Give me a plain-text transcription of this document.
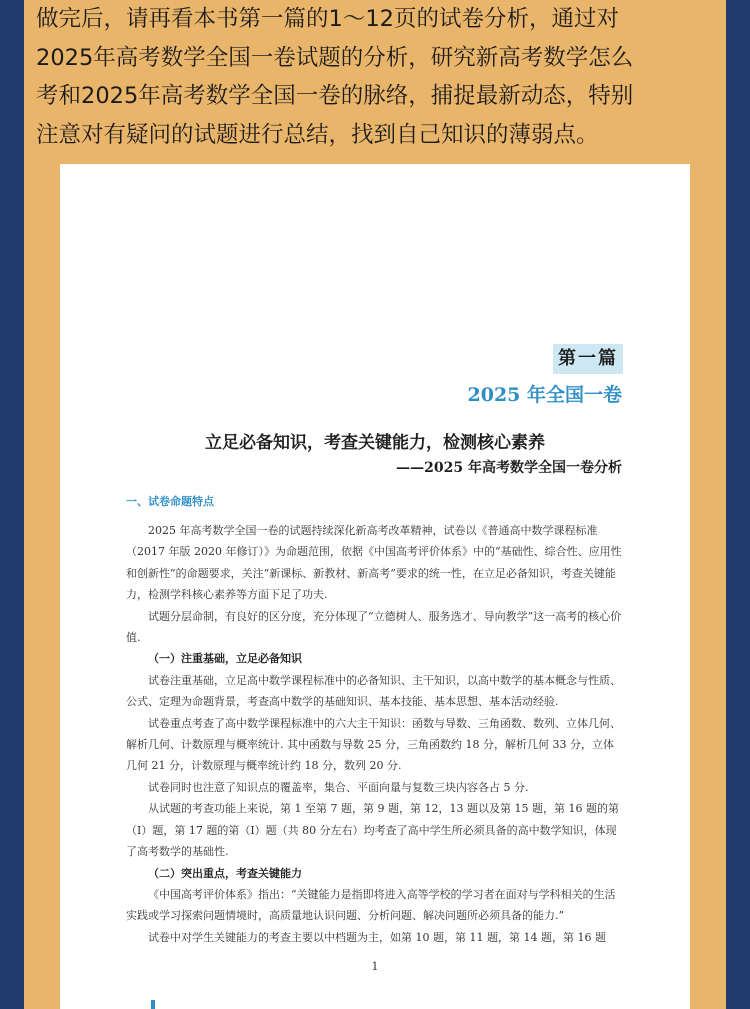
做完后，请再看本书第一篇的1～12页的试卷分析，通过对
2025年高考数学全国一卷试题的分析，研究新高考数学怎么
考和2025年高考数学全国一卷的脉络，捕捉最新动态，特别
注意对有疑问的试题进行总结，找到自己知识的薄弱点。
第一篇
2025 年全国一卷
立足必备知识，考查关键能力，检测核心素养
——2025 年高考数学全国一卷分析
一、试卷命题特点

2025 年高考数学全国一卷的试题持续深化新高考改革精神，试卷以《普通高中数学课程标准（2017 年版 2020 年修订）》为命题范围，依据《中国高考评价体系》中的“基础性、综合性、应用性和创新性”的命题要求，关注“新课标、新教材、新高考”要求的统一性，在立足必备知识，考查关键能力，检测学科核心素养等方面下足了功夫.

试题分层命制，有良好的区分度，充分体现了“立德树人、服务选才、导向教学”这一高考的核心价值.

（一）注重基础，立足必备知识

试卷注重基础，立足高中数学课程标准中的必备知识、主干知识，以高中数学的基本概念与性质、公式、定理为命题背景，考查高中数学的基础知识、基本技能、基本思想、基本活动经验.

试卷重点考查了高中数学课程标准中的六大主干知识：函数与导数、三角函数、数列、立体几何、解析几何、计数原理与概率统计. 其中函数与导数 25 分，三角函数约 18 分，解析几何 33 分，立体几何 21 分，计数原理与概率统计约 18 分，数列 20 分.

试卷同时也注意了知识点的覆盖率，集合、平面向量与复数三块内容各占 5 分.

从试题的考查功能上来说，第 1 至第 7 题，第 9 题，第 12，13 题以及第 15 题，第 16 题的第（Ⅰ）题，第 17 题的第（Ⅰ）题（共 80 分左右）均考查了高中学生所必须具备的高中数学知识，体现了高考数学的基础性.

（二）突出重点，考查关键能力

《中国高考评价体系》指出：“关键能力是指即将进入高等学校的学习者在面对与学科相关的生活实践或学习探索问题情境时，高质量地认识问题、分析问题、解决问题所必须具备的能力.”

试卷中对学生关键能力的考查主要以中档题为主，如第 10 题，第 11 题，第 14 题，第 16 题

1
